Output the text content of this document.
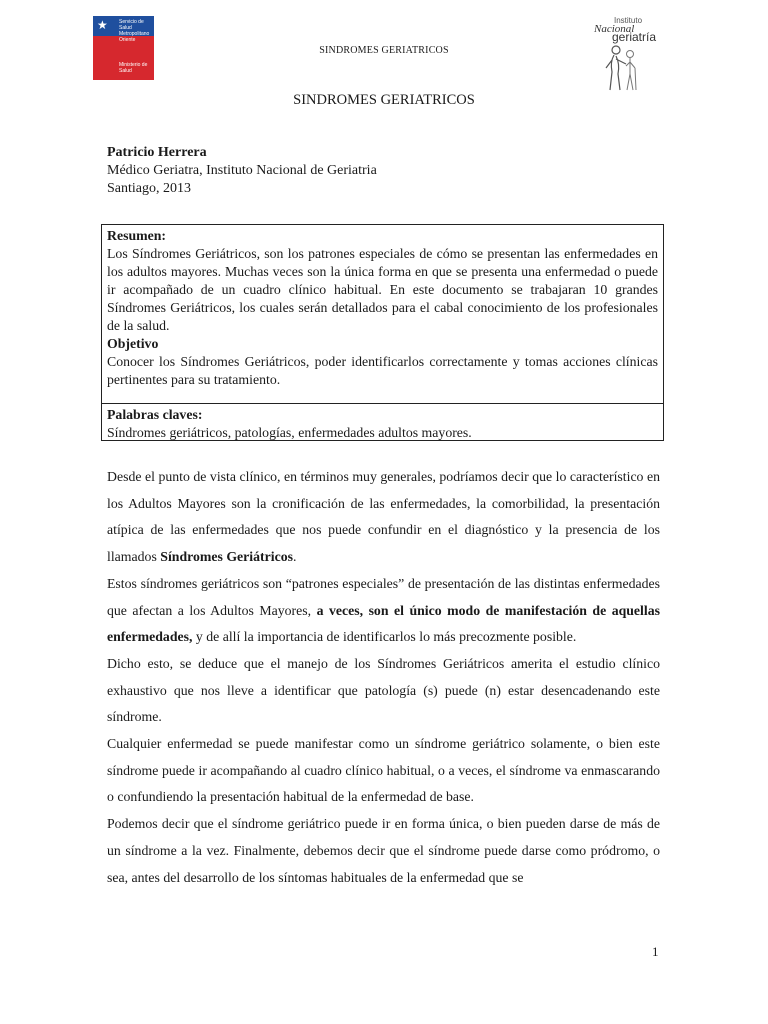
★ Servicio de Salud Metropolitano Oriente
Ministerio de Salud
SINDROMES GERIATRICOS
Instituto
Nacional
geriatría
SINDROMES GERIATRICOS
Patricio Herrera
Médico Geriatra, Instituto Nacional de Geriatria
Santiago, 2013
Resumen:
Los Síndromes Geriátricos, son los patrones especiales de cómo se presentan las enfermedades en los adultos mayores. Muchas veces son la única forma en que se presenta una enfermedad o puede ir acompañado de un cuadro clínico habitual. En este documento se trabajaran 10 grandes Síndromes Geriátricos, los cuales serán detallados para el cabal conocimiento de los profesionales de la salud.
Objetivo
Conocer los Síndromes Geriátricos, poder identificarlos correctamente y tomas acciones clínicas pertinentes para su tratamiento.
Palabras claves:
Síndromes geriátricos, patologías, enfermedades adultos mayores.

Desde el punto de vista clínico, en términos muy generales, podríamos decir que lo característico en los Adultos Mayores son la cronificación de las enfermedades, la comorbilidad, la presentación atípica de las enfermedades que nos puede confundir en el diagnóstico y la presencia de los llamados Síndromes Geriátricos.

Estos síndromes geriátricos son “patrones especiales” de presentación de las distintas enfermedades que afectan a los Adultos Mayores, a veces, son el único modo de manifestación de aquellas enfermedades, y de allí la importancia de identificarlos lo más precozmente posible.

Dicho esto, se deduce que el manejo de los Síndromes Geriátricos amerita el estudio clínico exhaustivo que nos lleve a identificar que patología (s) puede (n) estar desencadenando este síndrome.

Cualquier enfermedad se puede manifestar como un síndrome geriátrico solamente, o bien este síndrome puede ir acompañando al cuadro clínico habitual, o a veces, el síndrome va enmascarando o confundiendo la presentación habitual de la enfermedad de base.

Podemos decir que el síndrome geriátrico puede ir en forma única, o bien pueden darse de más de un síndrome a la vez. Finalmente, debemos decir que el síndrome puede darse como pródromo, o sea, antes del desarrollo de los síntomas habituales de la enfermedad que se

1
